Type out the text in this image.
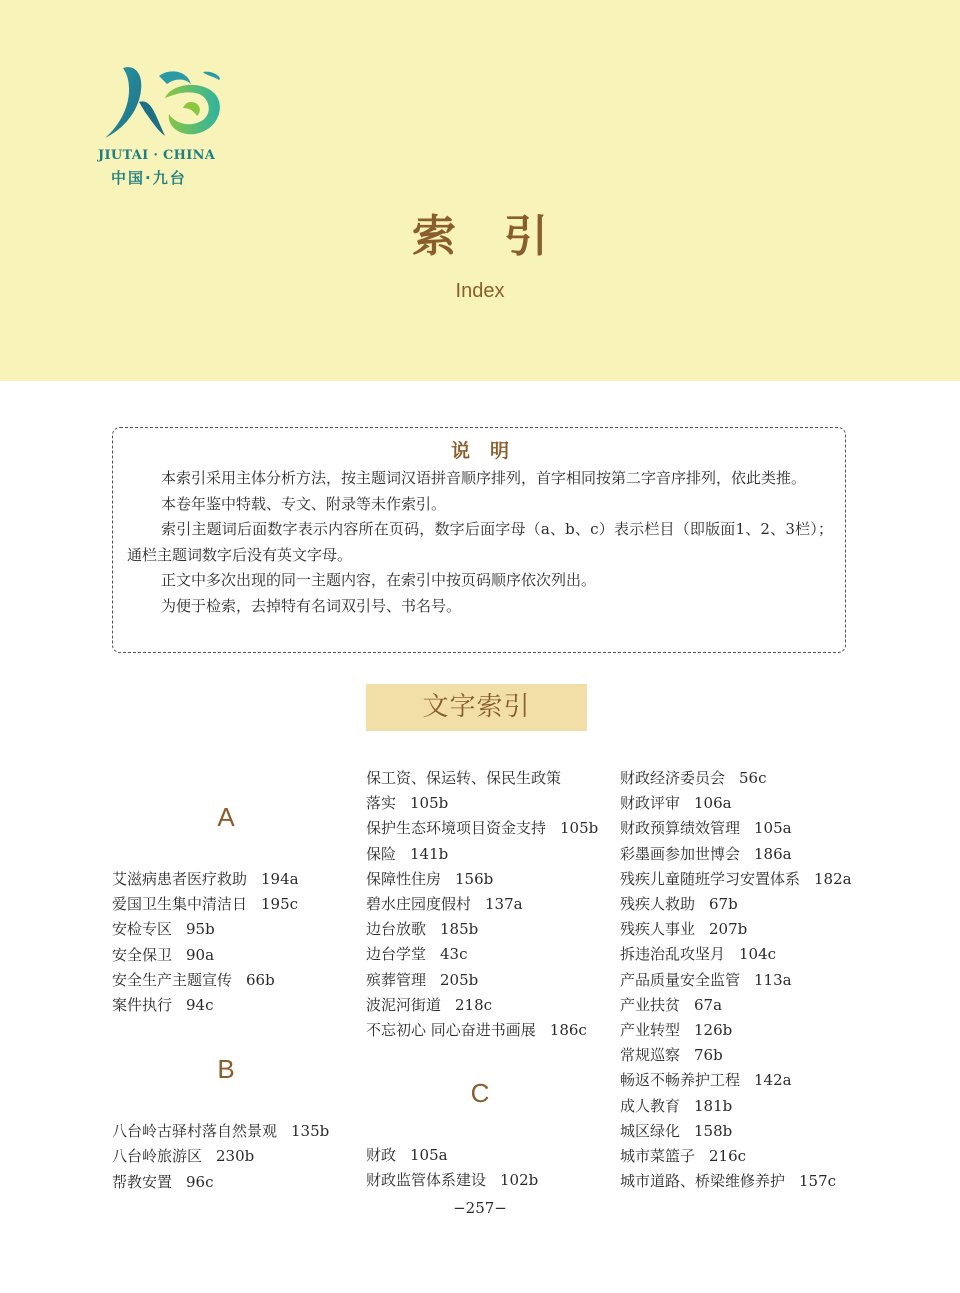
JIUTAI · CHINA
中国·九台
索引
Index
说明

本索引采用主体分析方法，按主题词汉语拼音顺序排列，首字相同按第二字音序排列，依此类推。

本卷年鉴中特载、专文、附录等未作索引。

索引主题词后面数字表示内容所在页码，数字后面字母（a、b、c）表示栏目（即版面1、2、3栏）；通栏主题词数字后没有英文字母。

正文中多次出现的同一主题内容，在索引中按页码顺序依次列出。

为便于检索，去掉特有名词双引号、书名号。

文字索引
A
艾滋病患者医疗救助 194a
爱国卫生集中清洁日 195c
安检专区 95b
安全保卫 90a
安全生产主题宣传 66b
案件执行 94c
B
八台岭古驿村落自然景观 135b
八台岭旅游区 230b
帮教安置 96c
保工资、保运转、保民生政策
落实 105b
保护生态环境项目资金支持 105b
保险 141b
保障性住房 156b
碧水庄园度假村 137a
边台放歌 185b
边台学堂 43c
殡葬管理 205b
波泥河街道 218c
不忘初心 同心奋进书画展 186c
C
财政 105a
财政监管体系建设 102b
财政经济委员会 56c
财政评审 106a
财政预算绩效管理 105a
彩墨画参加世博会 186a
残疾儿童随班学习安置体系 182a
残疾人救助 67b
残疾人事业 207b
拆违治乱攻坚月 104c
产品质量安全监管 113a
产业扶贫 67a
产业转型 126b
常规巡察 76b
畅返不畅养护工程 142a
成人教育 181b
城区绿化 158b
城市菜篮子 216c
城市道路、桥梁维修养护 157c
−257−
